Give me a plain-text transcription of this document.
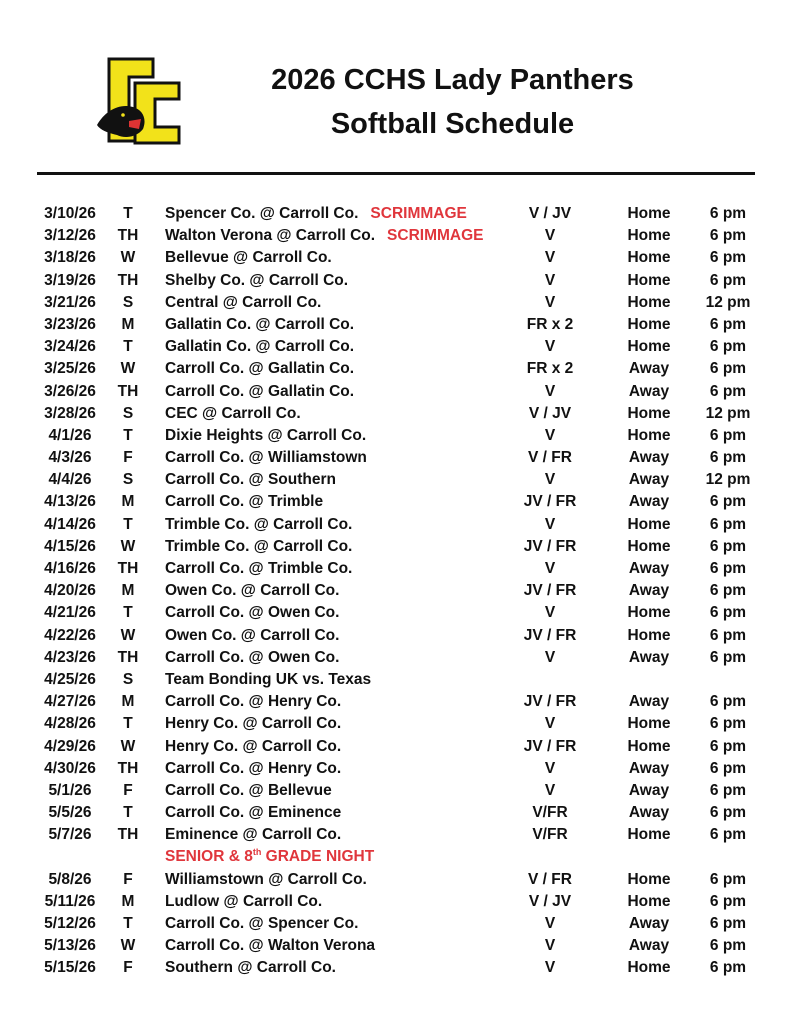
2026 CCHS Lady Panthers
Softball Schedule
3/10/26	T	Spencer Co. @ Carroll Co. SCRIMMAGE	V / JV	Home	6 pm
3/12/26	TH	Walton Verona @ Carroll Co. SCRIMMAGE	V	Home	6 pm
3/18/26	W	Bellevue @ Carroll Co.	V	Home	6 pm
3/19/26	TH	Shelby Co. @ Carroll Co.	V	Home	6 pm
3/21/26	S	Central @ Carroll Co.	V	Home	12 pm
3/23/26	M	Gallatin Co. @ Carroll Co.	FR x 2	Home	6 pm
3/24/26	T	Gallatin Co. @ Carroll Co.	V	Home	6 pm
3/25/26	W	Carroll Co. @ Gallatin Co.	FR x 2	Away	6 pm
3/26/26	TH	Carroll Co. @ Gallatin Co.	V	Away	6 pm
3/28/26	S	CEC @ Carroll Co.	V / JV	Home	12 pm
4/1/26	T	Dixie Heights @ Carroll Co.	V	Home	6 pm
4/3/26	F	Carroll Co. @ Williamstown	V / FR	Away	6 pm
4/4/26	S	Carroll Co. @ Southern	V	Away	12 pm
4/13/26	M	Carroll Co. @ Trimble	JV / FR	Away	6 pm
4/14/26	T	Trimble Co. @ Carroll Co.	V	Home	6 pm
4/15/26	W	Trimble Co. @ Carroll Co.	JV / FR	Home	6 pm
4/16/26	TH	Carroll Co. @ Trimble Co.	V	Away	6 pm
4/20/26	M	Owen Co. @ Carroll Co.	JV / FR	Away	6 pm
4/21/26	T	Carroll Co. @ Owen Co.	V	Home	6 pm
4/22/26	W	Owen Co. @ Carroll Co.	JV / FR	Home	6 pm
4/23/26	TH	Carroll Co. @ Owen Co.	V	Away	6 pm
4/25/26	S	Team Bonding UK vs. Texas
4/27/26	M	Carroll Co. @ Henry Co.	JV / FR	Away	6 pm
4/28/26	T	Henry Co. @ Carroll Co.	V	Home	6 pm
4/29/26	W	Henry Co. @ Carroll Co.	JV / FR	Home	6 pm
4/30/26	TH	Carroll Co. @ Henry Co.	V	Away	6 pm
5/1/26	F	Carroll Co. @ Bellevue	V	Away	6 pm
5/5/26	T	Carroll Co. @ Eminence	V/FR	Away	6 pm
5/7/26	TH	Eminence @ Carroll Co.	V/FR	Home	6 pm
SENIOR & 8th GRADE NIGHT
5/8/26	F	Williamstown @ Carroll Co.	V / FR	Home	6 pm
5/11/26	M	Ludlow @ Carroll Co.	V / JV	Home	6 pm
5/12/26	T	Carroll Co. @ Spencer Co.	V	Away	6 pm
5/13/26	W	Carroll Co. @ Walton Verona	V	Away	6 pm
5/15/26	F	Southern @ Carroll Co.	V	Home	6 pm
